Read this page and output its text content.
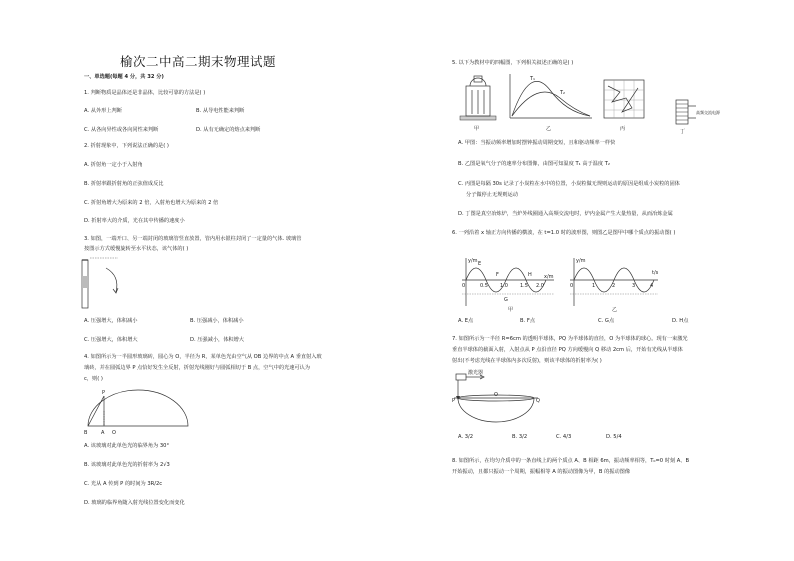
榆次二中高二期末物理试题
一、单选题(每题 4 分，共 32 分)
1. 判断物质是晶体还是非晶体，比较可靠的方法是( )
A. 从外形上判断	B. 从导电性能来判断
C. 从各向异性或各向同性来判断	D. 从有无确定的熔点来判断
2. 折射现象中，下列说法正确的是( )
A. 折射角一定小于入射角
B. 折射率跟折射角的正弦值成反比
C. 折射角增大为原来的 2 倍，入射角也增大为原来的 2 倍
D. 折射率大的介质，光在其中传播的速度小
3. 如图，一端开口、另一端封闭的玻璃管竖直放置，管内用水银柱封闭了一定量的气体. 玻璃管
按图示方式缓慢旋转至水平状态，该气体的( )
A. 压强增大，体积减小	B. 压强减小，体积减小
C. 压强增大，体积增大	D. 压强减小，体积增大
4. 如图所示为一半圆形玻璃砖，圆心为 O，半径为 R，某单色光由空气从 OB 边界的中点 A 垂直射入玻
璃砖，并在圆弧边界 P 点恰好发生全反射，折射光线刚好与圆弧相切于 B 点，空气中的光速可认为
c，则( )
P
B	A O
A. 该玻璃对此单色光的临界角为 30°
B. 该玻璃对此单色光的折射率为 2√3
C. 光从 A 传到 P 的时间为 3R/2c
D. 玻璃的临界角随入射光线位置变化而变化
5. 以下为教材中的四幅图，下列相关叙述正确的是( )
甲
T₁
T₂
乙	丙
高频交流电源
丁
A. 甲图：当振动频率增加时摆钟振动周期变短，且和驱动频率一样快
B. 乙图是氧气分子的速率分布图像，由图可知温度 T₁ 高于温度 T₂
C. 丙图是每隔 30s 记录了小炭粒在水中的位置，小炭粒做无规则运动的原因是组成小炭粒的固体
分子做停止无规则运动
D. 丁图是真空冶炼炉，当炉外线圈通入高频交流电时，炉内金属产生大量热量，从而冶炼金属
6. 一列沿着 x 轴正方向传播的横波，在 t=1.0 时的波形图，则图乙是图甲中哪个质点的振动图( )
y/m E
F
G
H
0	0.5 1.0 1.5 2.0
x/m
甲
y/m
0	1	2	3	4
t/s
乙
A. E点	B. F点	C. G点	D. H点
7. 如图所示为一半径 R=6cm 的透明半球体，PQ 为半球体的直径，O 为半球体的球心。现有一束激光
垂直半球体的截面入射，入射点从 P 点沿直径 PQ 方向缓慢向 Q 移动 2cm 后，开始有光线从半球体
射出(不考虑光线在半球体内多次反射)，则该半球体的折射率为( )
激光器
P
O
Q
A. 3/2	B. 3/2	C. 4/3	D. 5/4
8. 如图所示，在均匀介质中的一条直线上的两个质点 A、B 相距 6m，振动频率相等，T₀=0 时刻 A、B
开始振动，且都只振动一个周期，振幅相等 A 的振动图像为甲，B 的振动图像
